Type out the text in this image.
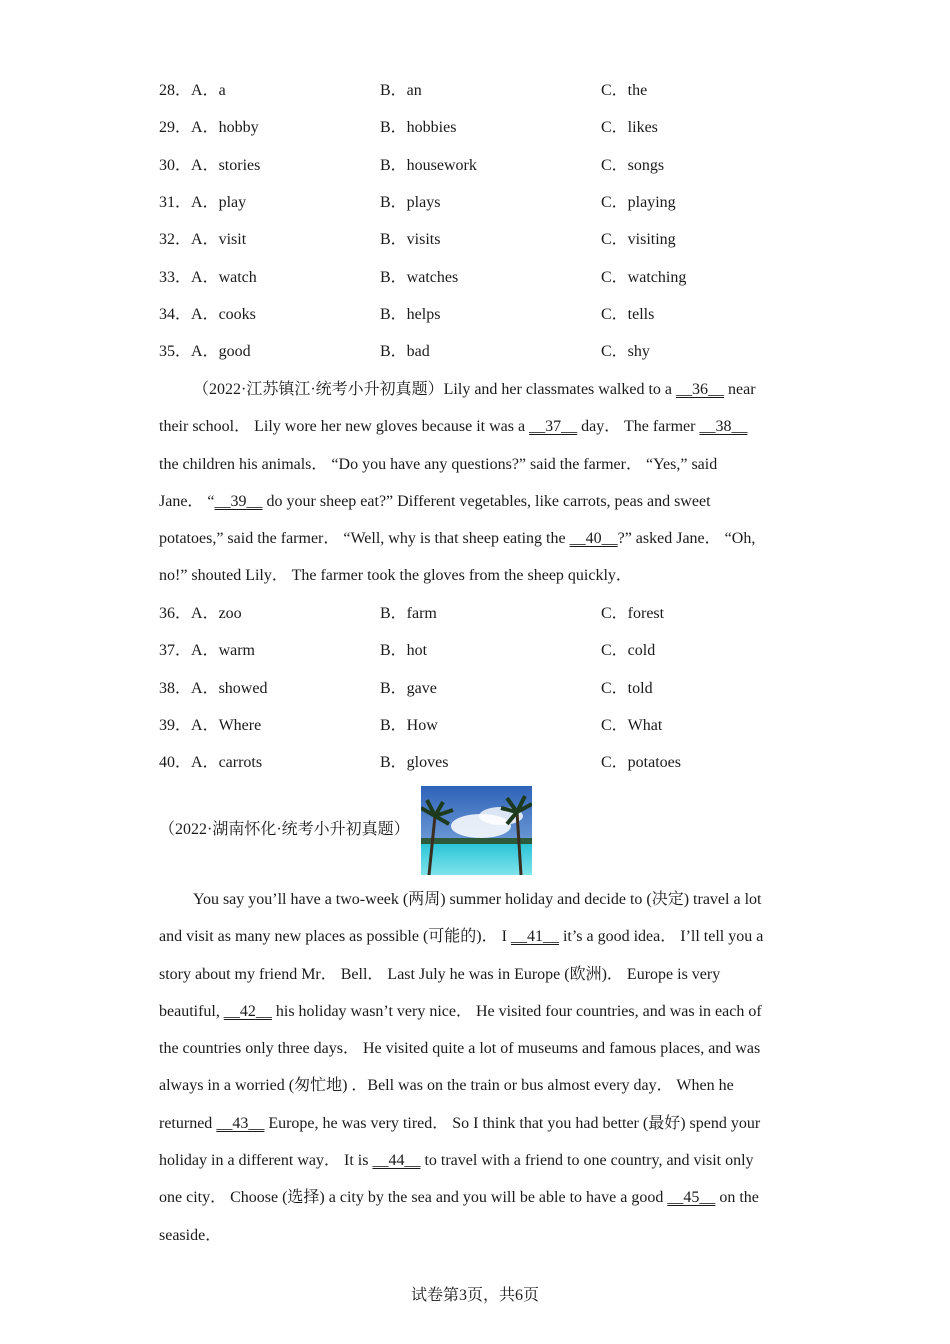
28．A．a	B．an	C．the
29．A．hobby	B．hobbies	C．likes
30．A．stories	B．housework	C．songs
31．A．play	B．plays	C．playing
32．A．visit	B．visits	C．visiting
33．A．watch	B．watches	C．watching
34．A．cooks	B．helps	C．tells
35．A．good	B．bad	C．shy
（2022·江苏镇江·统考小升初真题）Lily and her classmates walked to a __36__ near
their school． Lily wore her new gloves because it was a __37__ day． The farmer __38__
the children his animals． “Do you have any questions?” said the farmer． “Yes,” said
Jane． “__39__ do your sheep eat?” Different vegetables, like carrots, peas and sweet
potatoes,” said the farmer． “Well, why is that sheep eating the __40__?” asked Jane． “Oh,
no!” shouted Lily． The farmer took the gloves from the sheep quickly．
36．A．zoo	B．farm	C．forest
37．A．warm	B．hot	C．cold
38．A．showed	B．gave	C．told
39．A．Where	B．How	C．What
40．A．carrots	B．gloves	C．potatoes
（2022·湖南怀化·统考小升初真题）
You say you’ll have a two-week (两周) summer holiday and decide to (决定) travel a lot
and visit as many new places as possible (可能的)． I __41__ it’s a good idea． I’ll tell you a
story about my friend Mr． Bell． Last July he was in Europe (欧洲)． Europe is very
beautiful, __42__ his holiday wasn’t very nice． He visited four countries, and was in each of
the countries only three days． He visited quite a lot of museums and famous places, and was
always in a worried (匆忙地) ．Bell was on the train or bus almost every day． When he
returned __43__ Europe, he was very tired． So I think that you had better (最好) spend your
holiday in a different way． It is __44__ to travel with a friend to one country, and visit only
one city． Choose (选择) a city by the sea and you will be able to have a good __45__ on the
seaside．
试卷第3页，共6页
